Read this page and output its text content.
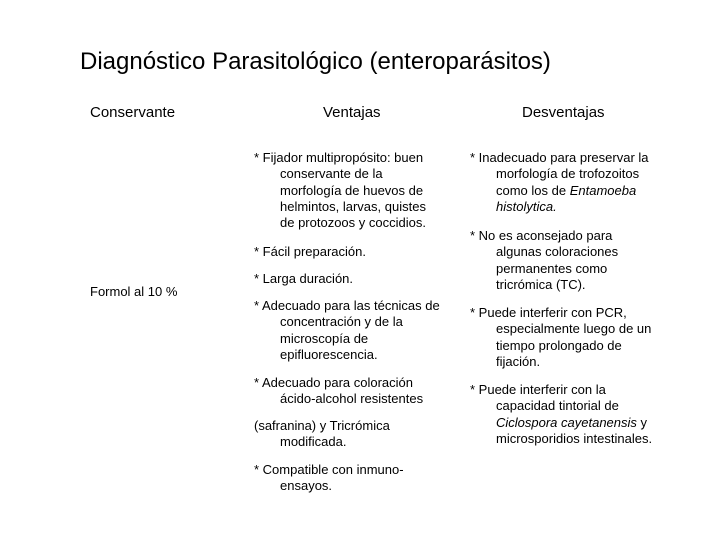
Diagnóstico Parasitológico (enteroparásitos)
Conservante	Ventajas	Desventajas
Formol al 10 %
* Fijador multipropósito: buen
conservante de la
morfología de huevos de
helmintos, larvas, quistes
de protozoos y coccidios.
* Fácil preparación.
* Larga duración.
* Adecuado para las técnicas de
concentración y de la
microscopía de
epifluorescencia.
* Adecuado para coloración
ácido-alcohol resistentes
(safranina) y Tricrómica
modificada.
* Compatible con inmuno-
ensayos.
* Inadecuado para preservar la
morfología de trofozoitos
como los de Entamoeba
histolytica.
* No es aconsejado para
algunas coloraciones
permanentes como
tricrómica (TC).
* Puede interferir con PCR,
especialmente luego de un
tiempo prolongado de
fijación.
* Puede interferir con la
capacidad tintorial de
Ciclospora cayetanensis y
microsporidios intestinales.
